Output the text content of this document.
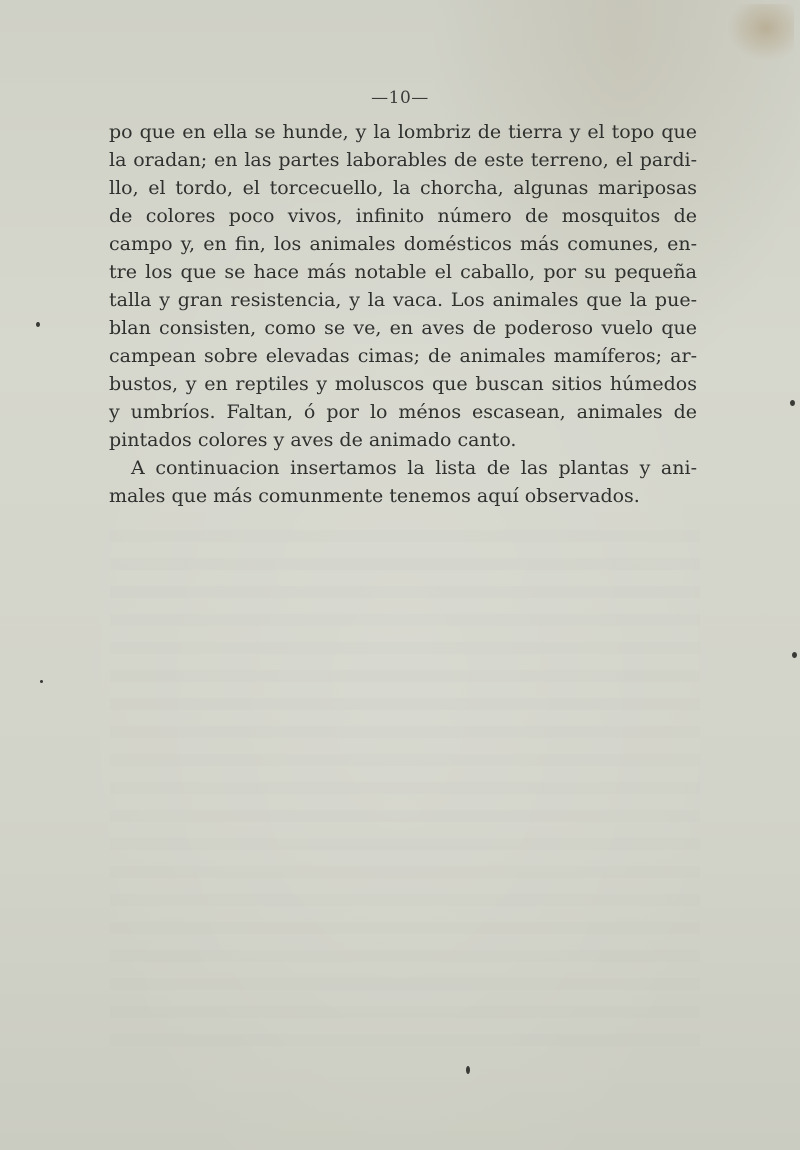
—10—
po que en ella se hunde, y la lombriz de tierra y el topo que
la oradan; en las partes laborables de este terreno, el pardi-
llo, el tordo, el torcecuello, la chorcha, algunas mariposas
de colores poco vivos, infinito número de mosquitos de
campo y, en fin, los animales domésticos más comunes, en-
tre los que se hace más notable el caballo, por su pequeña
talla y gran resistencia, y la vaca. Los animales que la pue-
blan consisten, como se ve, en aves de poderoso vuelo que
campean sobre elevadas cimas; de animales mamíferos; ar-
bustos, y en reptiles y moluscos que buscan sitios húmedos
y umbríos. Faltan, ó por lo ménos escasean, animales de
pintados colores y aves de animado canto.
A continuacion insertamos la lista de las plantas y ani-
males que más comunmente tenemos aquí observados.
